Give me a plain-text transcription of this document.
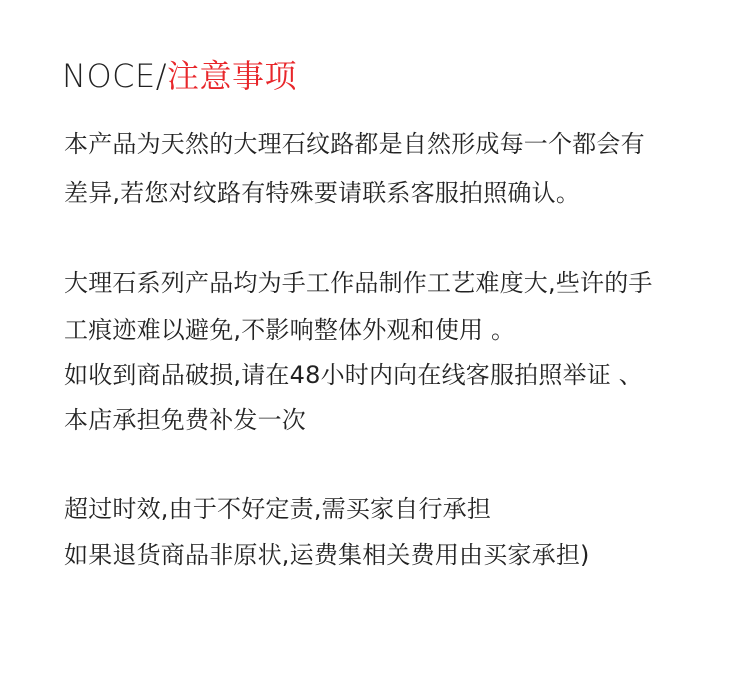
NOCE/注意事项
本产品为天然的大理石纹路都是自然形成每一个都会有
差异,若您对纹路有特殊要请联系客服拍照确认。
大理石系列产品均为手工作品制作工艺难度大,些许的手
工痕迹难以避免,不影响整体外观和使用 。
如收到商品破损,请在48小时内向在线客服拍照举证 、
本店承担免费补发一次
超过时效,由于不好定责,需买家自行承担
如果退货商品非原状,运费集相关费用由买家承担)
